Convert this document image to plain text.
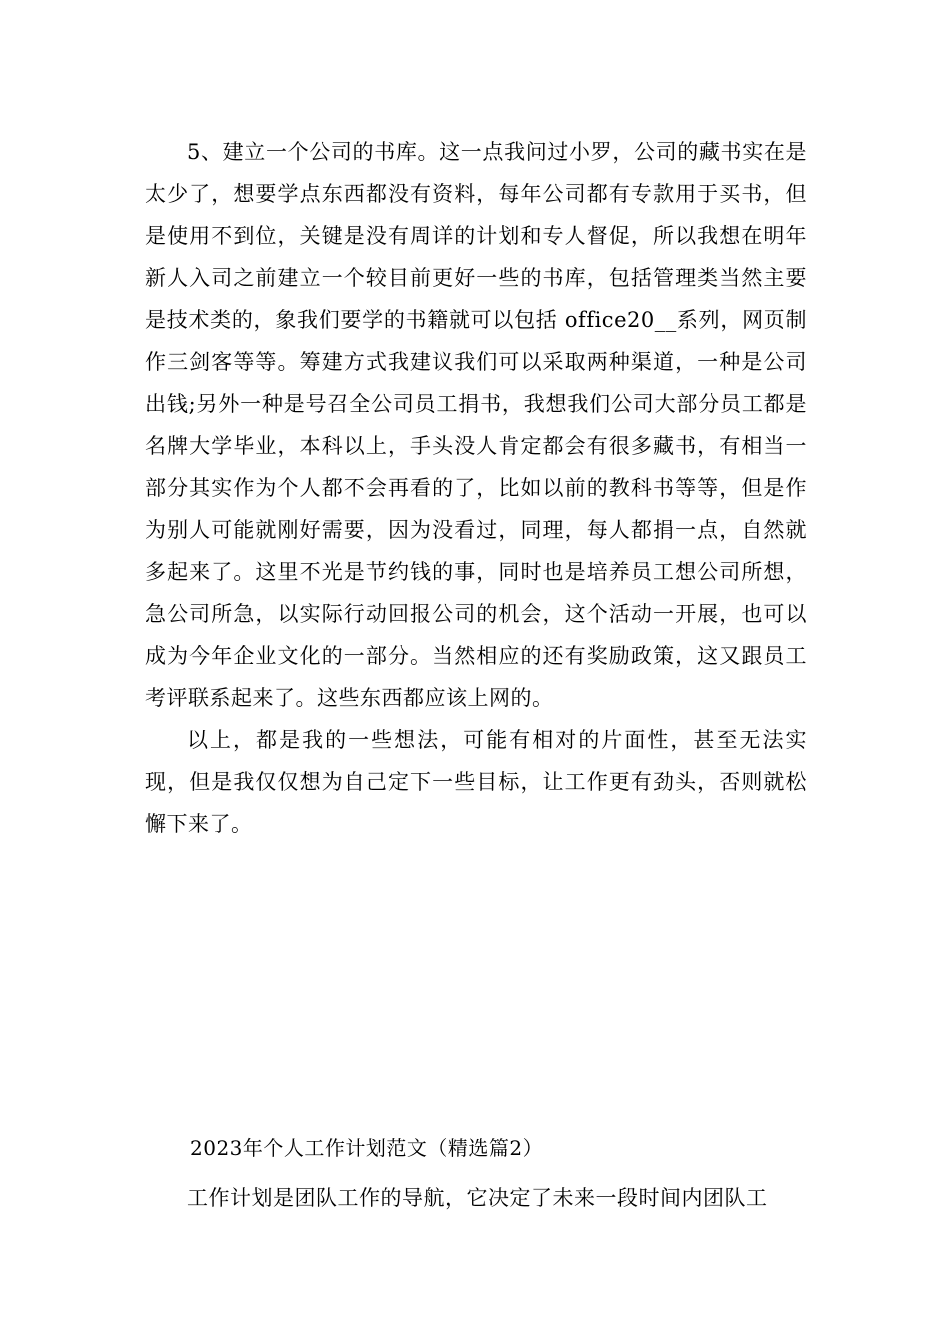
5、建立一个公司的书库。这一点我问过小罗，公司的藏书实在是太少了，想要学点东西都没有资料，每年公司都有专款用于买书，但是使用不到位，关键是没有周详的计划和专人督促，所以我想在明年新人入司之前建立一个较目前更好一些的书库，包括管理类当然主要是技术类的，象我们要学的书籍就可以包括 office20__系列，网页制作三剑客等等。筹建方式我建议我们可以采取两种渠道，一种是公司出钱;另外一种是号召全公司员工捐书，我想我们公司大部分员工都是名牌大学毕业，本科以上，手头没人肯定都会有很多藏书，有相当一部分其实作为个人都不会再看的了，比如以前的教科书等等，但是作为别人可能就刚好需要，因为没看过，同理，每人都捐一点，自然就多起来了。这里不光是节约钱的事，同时也是培养员工想公司所想，急公司所急，以实际行动回报公司的机会，这个活动一开展，也可以成为今年企业文化的一部分。当然相应的还有奖励政策，这又跟员工考评联系起来了。这些东西都应该上网的。

以上，都是我的一些想法，可能有相对的片面性，甚至无法实现，但是我仅仅想为自己定下一些目标，让工作更有劲头，否则就松懈下来了。

2023年个人工作计划范文（精选篇2）

工作计划是团队工作的导航，它决定了未来一段时间内团队工
